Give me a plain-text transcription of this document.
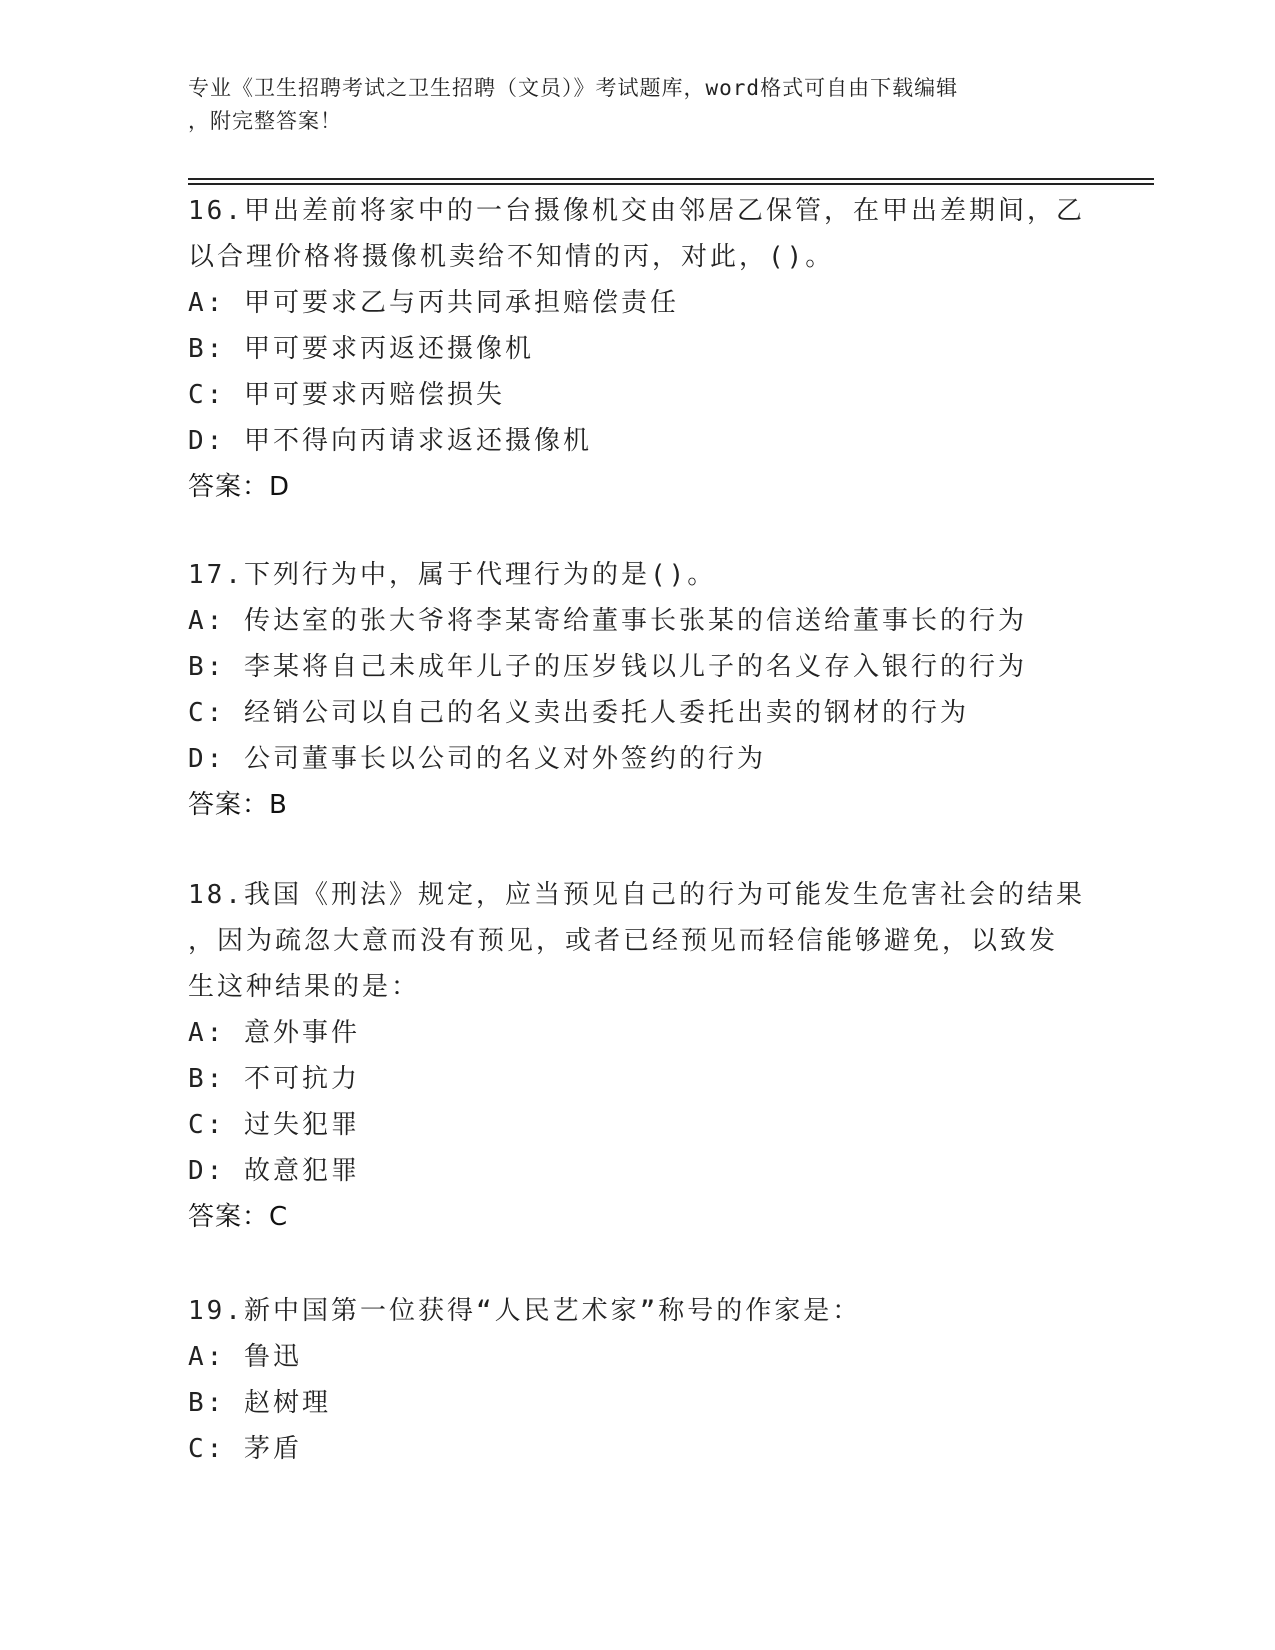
专业《卫生招聘考试之卫生招聘（文员）》考试题库，word格式可自由下载编辑
，附完整答案！
16.甲出差前将家中的一台摄像机交由邻居乙保管，在甲出差期间，乙
以合理价格将摄像机卖给不知情的丙，对此，()。
A: 甲可要求乙与丙共同承担赔偿责任
B: 甲可要求丙返还摄像机
C: 甲可要求丙赔偿损失
D: 甲不得向丙请求返还摄像机
答案：D
17.下列行为中，属于代理行为的是()。
A: 传达室的张大爷将李某寄给董事长张某的信送给董事长的行为
B: 李某将自己未成年儿子的压岁钱以儿子的名义存入银行的行为
C: 经销公司以自己的名义卖出委托人委托出卖的钢材的行为
D: 公司董事长以公司的名义对外签约的行为
答案：B
18.我国《刑法》规定，应当预见自己的行为可能发生危害社会的结果
，因为疏忽大意而没有预见，或者已经预见而轻信能够避免，以致发
生这种结果的是：
A: 意外事件
B: 不可抗力
C: 过失犯罪
D: 故意犯罪
答案：C
19.新中国第一位获得“人民艺术家”称号的作家是：
A: 鲁迅
B: 赵树理
C: 茅盾
